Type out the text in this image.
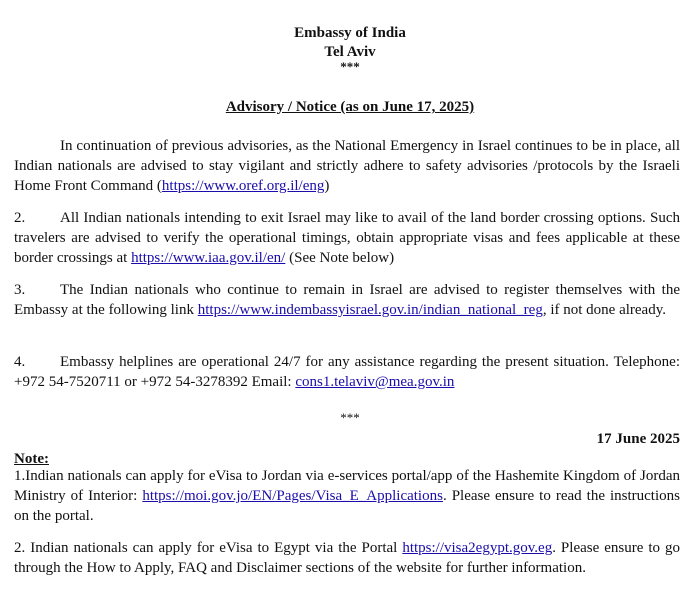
Embassy of India
Tel Aviv
***
Advisory / Notice (as on June 17, 2025)
In continuation of previous advisories, as the National Emergency in Israel continues to be in place, all Indian nationals are advised to stay vigilant and strictly adhere to safety advisories /protocols by the Israeli Home Front Command (https://www.oref.org.il/eng)
2. All Indian nationals intending to exit Israel may like to avail of the land border crossing options. Such travelers are advised to verify the operational timings, obtain appropriate visas and fees applicable at these border crossings at https://www.iaa.gov.il/en/ (See Note below)
3. The Indian nationals who continue to remain in Israel are advised to register themselves with the Embassy at the following link https://www.indembassyisrael.gov.in/indian_national_reg, if not done already.
4. Embassy helplines are operational 24/7 for any assistance regarding the present situation. Telephone: +972 54-7520711 or +972 54-3278392 Email: cons1.telaviv@mea.gov.in
***
17 June 2025
Note:
1.Indian nationals can apply for eVisa to Jordan via e-services portal/app of the Hashemite Kingdom of Jordan Ministry of Interior: https://moi.gov.jo/EN/Pages/Visa_E_Applications. Please ensure to read the instructions on the portal.
2. Indian nationals can apply for eVisa to Egypt via the Portal https://visa2egypt.gov.eg. Please ensure to go through the How to Apply, FAQ and Disclaimer sections of the website for further information.
